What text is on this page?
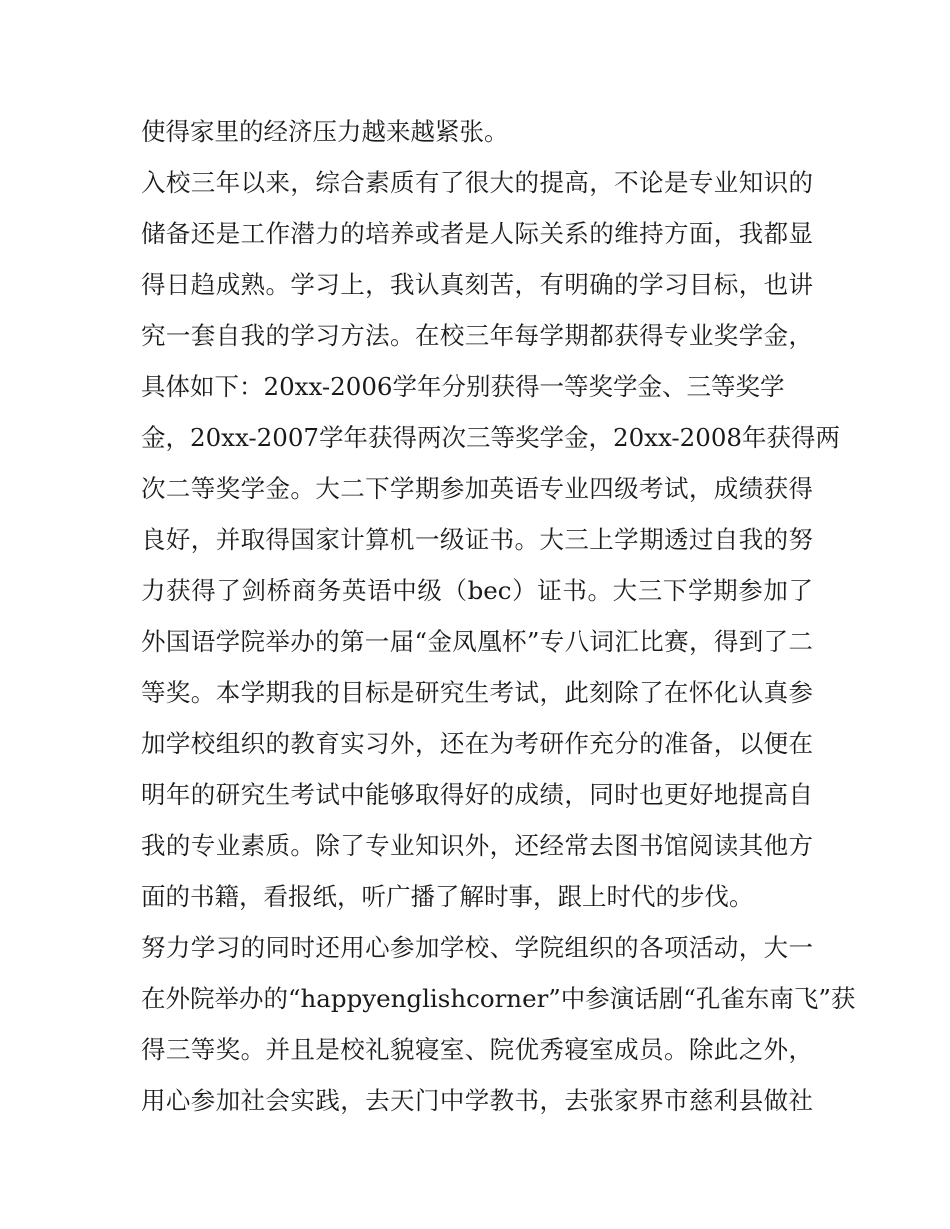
使得家里的经济压力越来越紧张。
入校三年以来，综合素质有了很大的提高，不论是专业知识的
储备还是工作潜力的培养或者是人际关系的维持方面，我都显
得日趋成熟。学习上，我认真刻苦，有明确的学习目标，也讲
究一套自我的学习方法。在校三年每学期都获得专业奖学金，
具体如下：20xx-2006学年分别获得一等奖学金、三等奖学
金，20xx-2007学年获得两次三等奖学金，20xx-2008年获得两
次二等奖学金。大二下学期参加英语专业四级考试，成绩获得
良好，并取得国家计算机一级证书。大三上学期透过自我的努
力获得了剑桥商务英语中级（bec）证书。大三下学期参加了
外国语学院举办的第一届“金凤凰杯”专八词汇比赛，得到了二
等奖。本学期我的目标是研究生考试，此刻除了在怀化认真参
加学校组织的教育实习外，还在为考研作充分的准备，以便在
明年的研究生考试中能够取得好的成绩，同时也更好地提高自
我的专业素质。除了专业知识外，还经常去图书馆阅读其他方
面的书籍，看报纸，听广播了解时事，跟上时代的步伐。
努力学习的同时还用心参加学校、学院组织的各项活动，大一
在外院举办的“happyenglishcorner”中参演话剧“孔雀东南飞”获
得三等奖。并且是校礼貌寝室、院优秀寝室成员。除此之外，
用心参加社会实践，去天门中学教书，去张家界市慈利县做社
